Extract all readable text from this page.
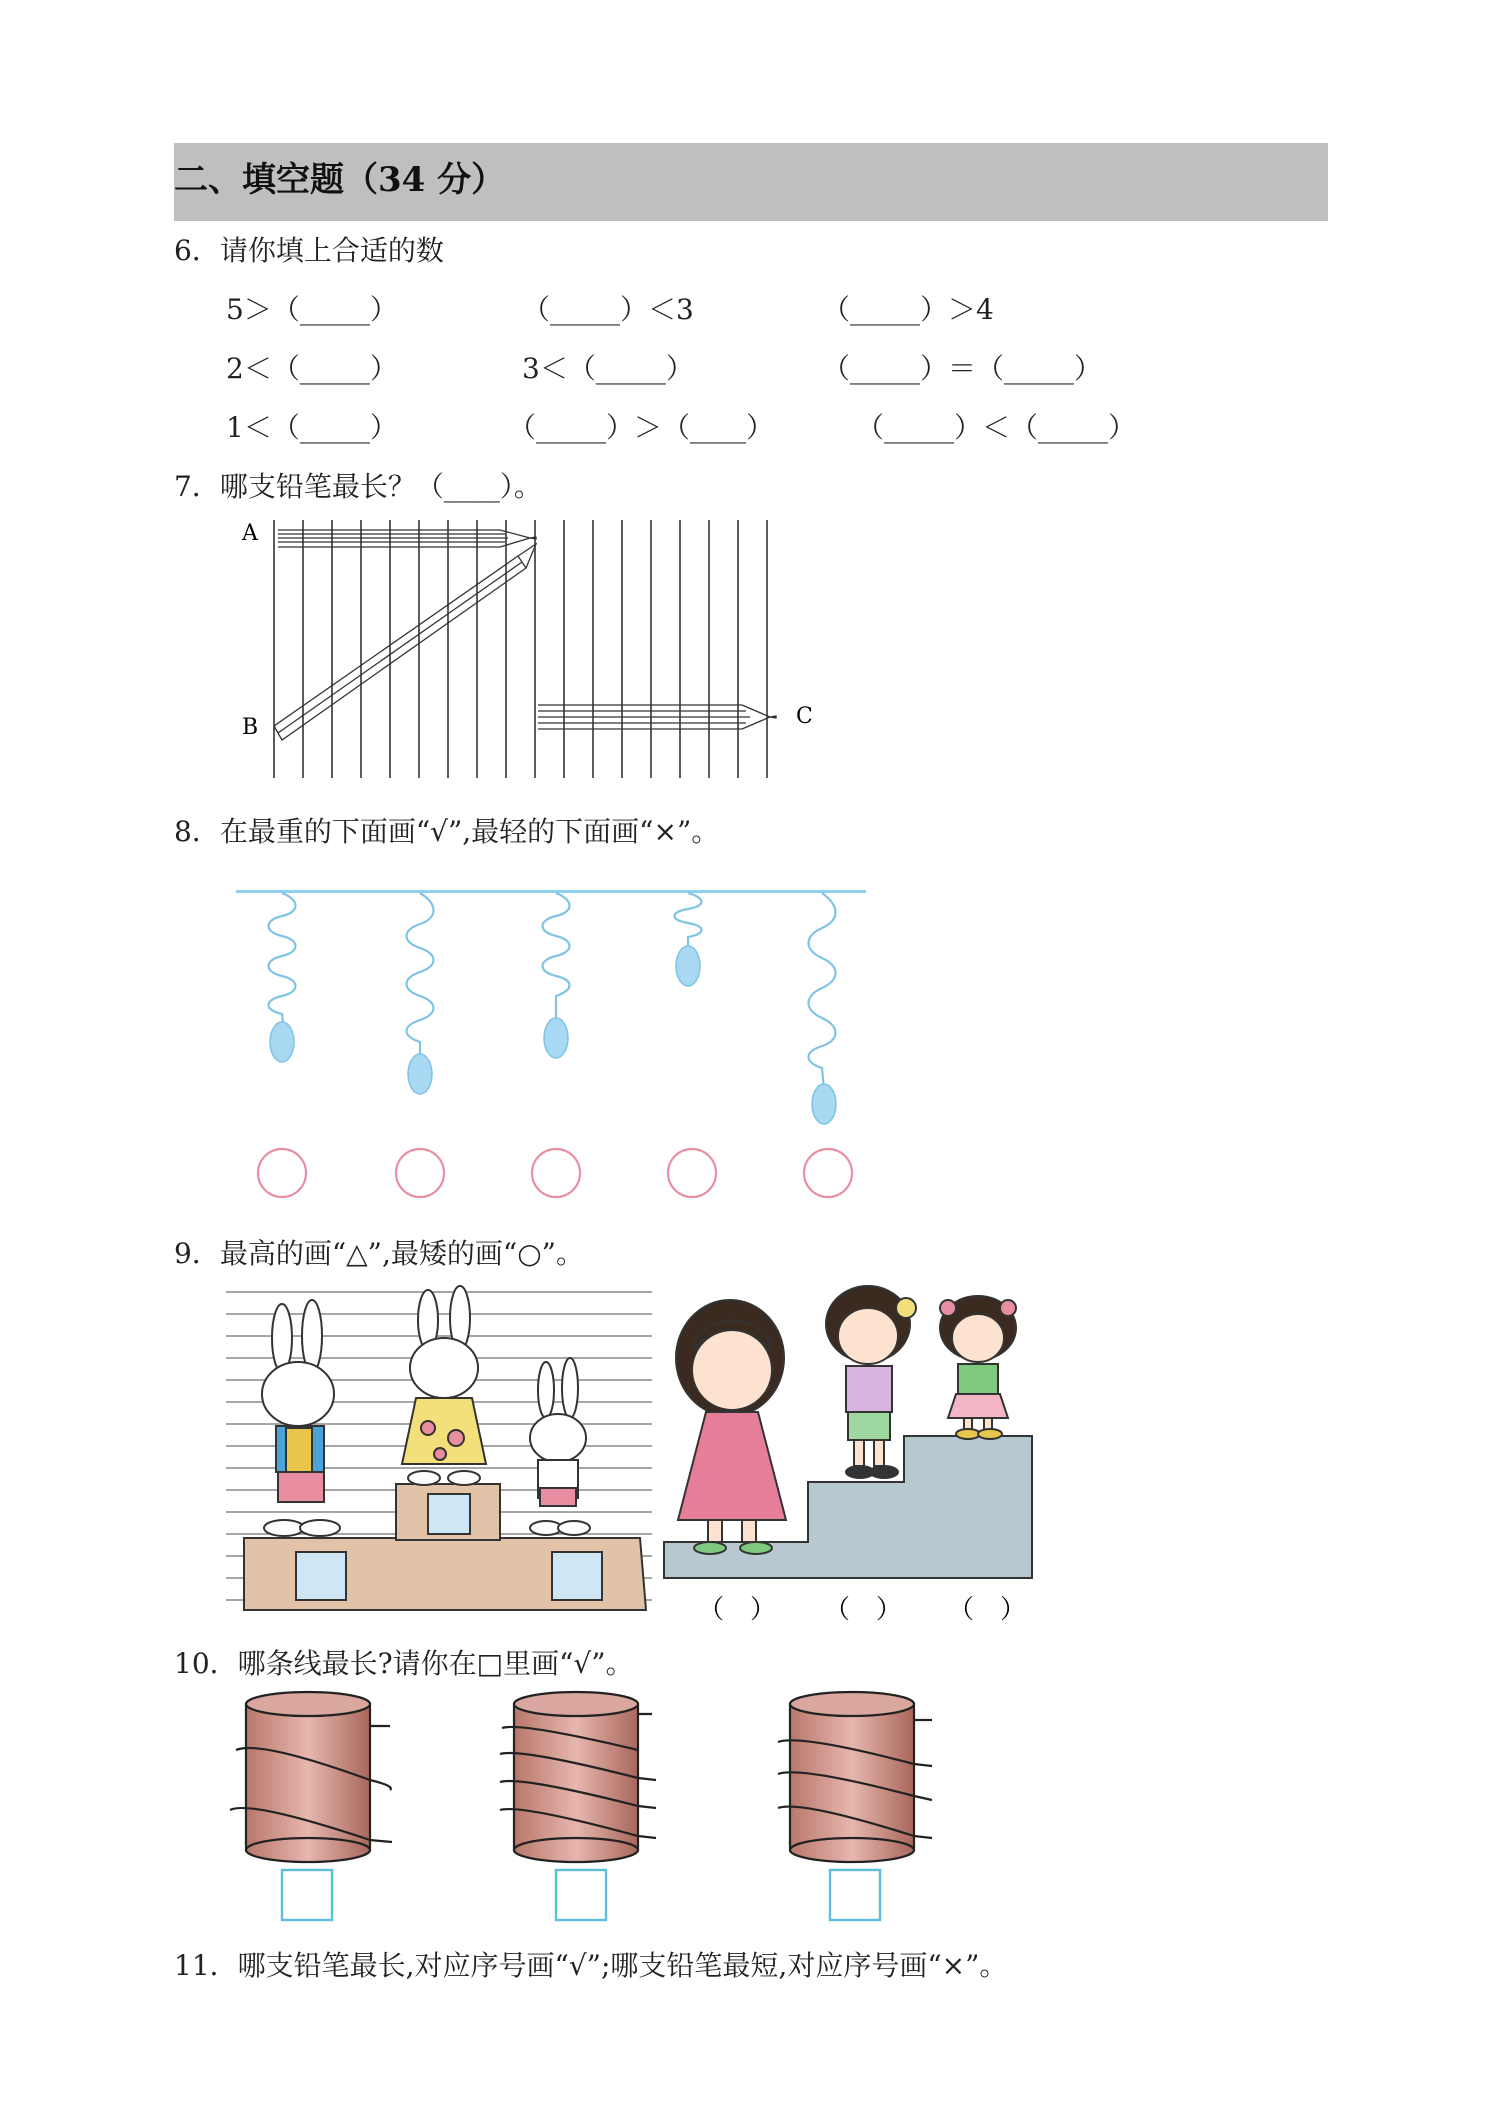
二、填空题（34 分）
6．请你填上合适的数
5＞（_____）	（_____）＜3	（_____）＞4
2＜（_____）	3＜（_____）	（_____）＝（_____）
1＜（_____）	（_____）＞（____）	（_____）＜（_____）
7．哪支铅笔最长？（____）。
A
B	C
8．在最重的下面画“√”,最轻的下面画“×”。
9．最高的画“△”,最矮的画“○”。
（　） （　） （　）
10．哪条线最长?请你在□里画“√”。
11．哪支铅笔最长,对应序号画“√”;哪支铅笔最短,对应序号画“×”。
